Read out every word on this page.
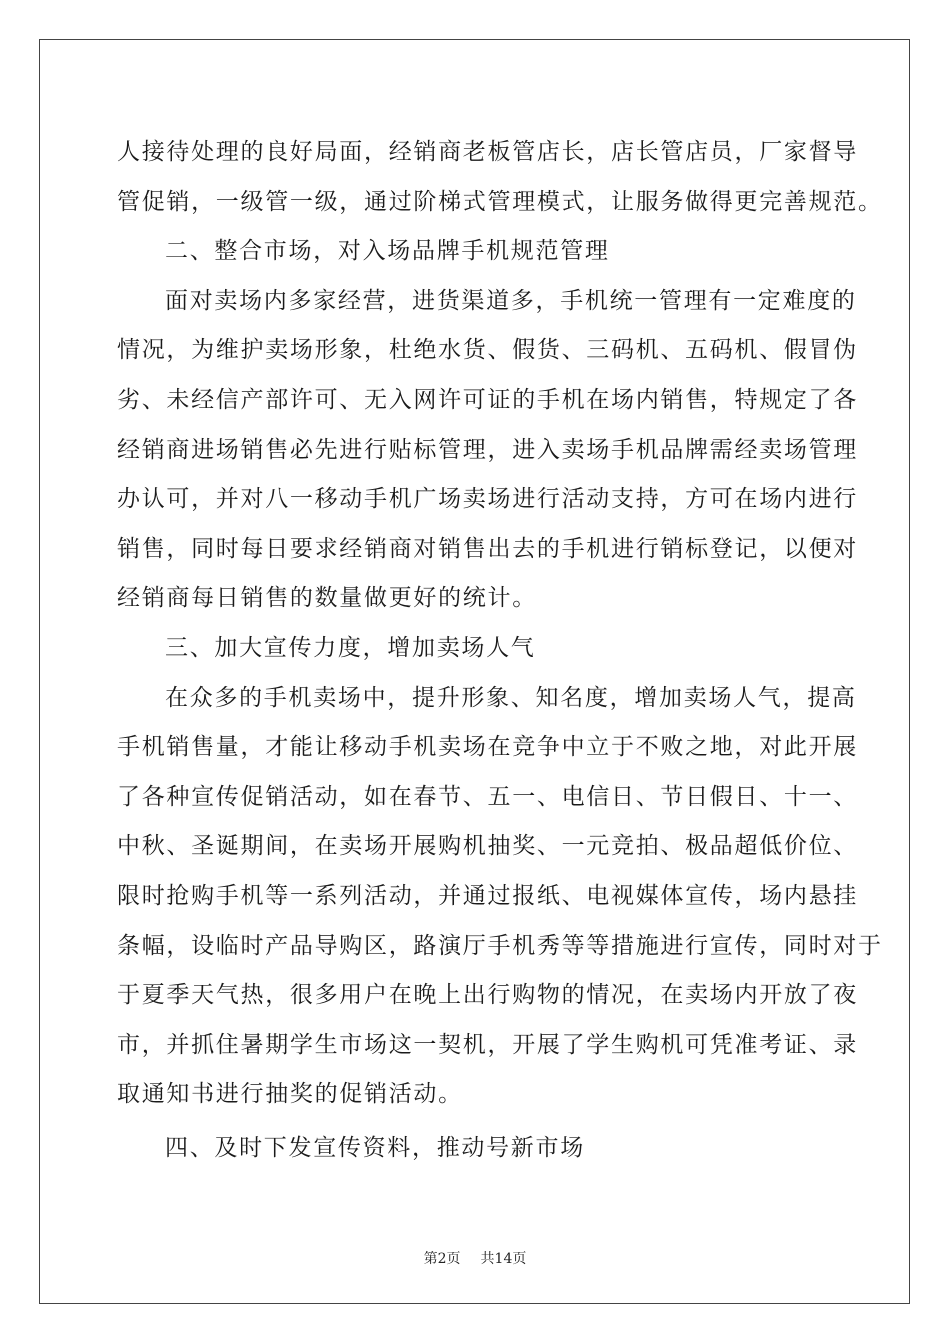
人接待处理的良好局面，经销商老板管店长，店长管店员，厂家督导
管促销，一级管一级，通过阶梯式管理模式，让服务做得更完善规范。
二、整合市场，对入场品牌手机规范管理
面对卖场内多家经营，进货渠道多，手机统一管理有一定难度的
情况，为维护卖场形象，杜绝水货、假货、三码机、五码机、假冒伪
劣、未经信产部许可、无入网许可证的手机在场内销售，特规定了各
经销商进场销售必先进行贴标管理，进入卖场手机品牌需经卖场管理
办认可，并对八一移动手机广场卖场进行活动支持，方可在场内进行
销售，同时每日要求经销商对销售出去的手机进行销标登记，以便对
经销商每日销售的数量做更好的统计。
三、加大宣传力度，增加卖场人气
在众多的手机卖场中，提升形象、知名度，增加卖场人气，提高
手机销售量，才能让移动手机卖场在竞争中立于不败之地，对此开展
了各种宣传促销活动，如在春节、五一、电信日、节日假日、十一、
中秋、圣诞期间，在卖场开展购机抽奖、一元竞拍、极品超低价位、
限时抢购手机等一系列活动，并通过报纸、电视媒体宣传，场内悬挂
条幅，设临时产品导购区，路演厅手机秀等等措施进行宣传，同时对于
于夏季天气热，很多用户在晚上出行购物的情况，在卖场内开放了夜
市，并抓住暑期学生市场这一契机，开展了学生购机可凭准考证、录
取通知书进行抽奖的促销活动。
四、及时下发宣传资料，推动号新市场
第2页 共14页
